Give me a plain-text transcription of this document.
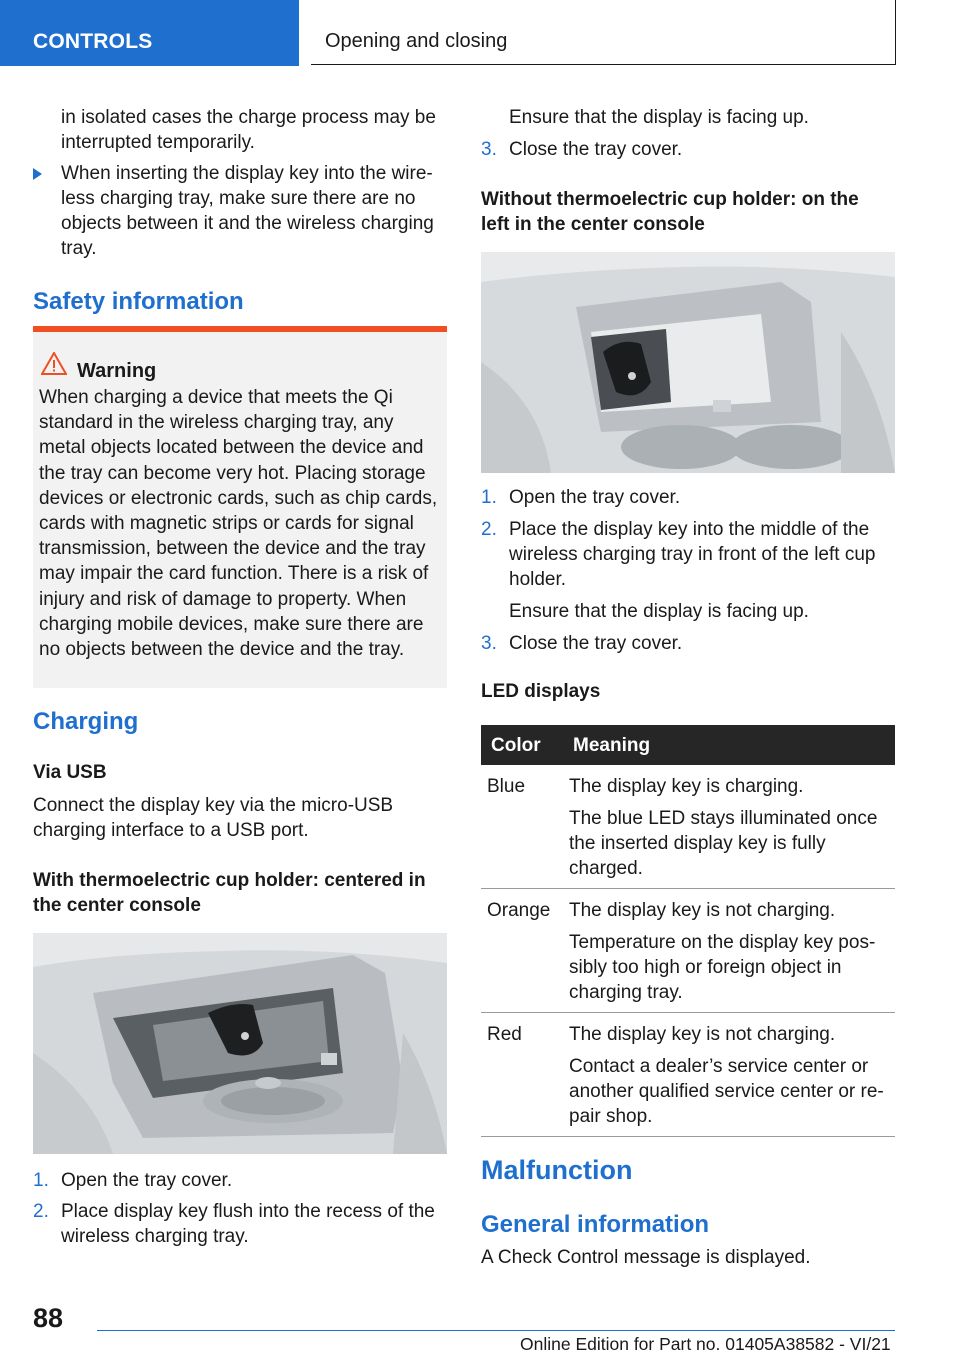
CONTROLS	Opening and closing
in isolated cases the charge process may be interrupted temporarily.
When inserting the display key into the wire‐less charging tray, make sure there are no objects between it and the wireless charging tray.
Safety information
Warning
When charging a device that meets the Qi standard in the wireless charging tray, any metal objects located between the device and the tray can become very hot. Placing storage devices or electronic cards, such as chip cards, cards with magnetic strips or cards for signal transmission, between the device and the tray may impair the card function. There is a risk of injury and risk of damage to property. When charging mobile devices, make sure there are no objects between the device and the tray.
Charging
Via USB
Connect the display key via the micro-USB charging interface to a USB port.
With thermoelectric cup holder: centered in the center console
1. Open the tray cover.
2. Place display key flush into the recess of the wireless charging tray.
Ensure that the display is facing up.
3. Close the tray cover.
Without thermoelectric cup holder: on the left in the center console
1. Open the tray cover.
2. Place the display key into the middle of the wireless charging tray in front of the left cup holder.
Ensure that the display is facing up.
3. Close the tray cover.
LED displays
Color	Meaning
Blue	The display key is charging.

The blue LED stays illuminated once the inserted display key is fully charged.

Orange	The display key is not charging.

Temperature on the display key pos‐sibly too high or foreign object in charging tray.

Red	The display key is not charging.

Contact a dealer’s service center or another qualified service center or re‐pair shop.

Malfunction
General information
A Check Control message is displayed.
88
Online Edition for Part no. 01405A38582 - VI/21
